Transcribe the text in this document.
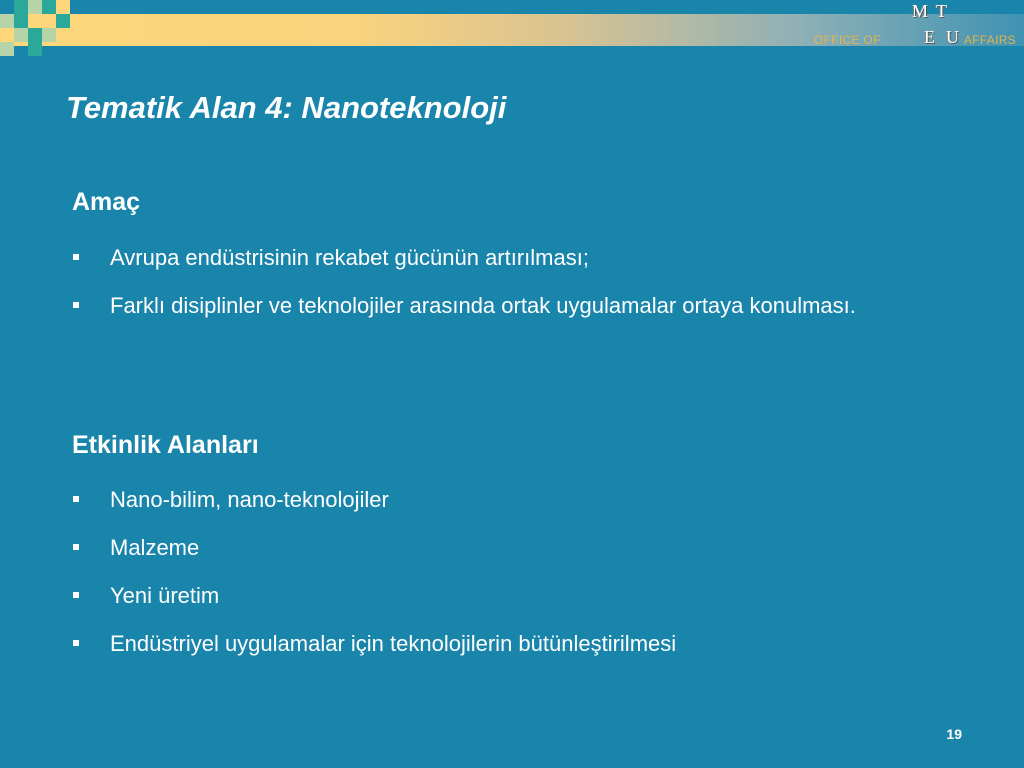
OFFICE OF
M T
E U AFFAIRS
Tematik Alan 4: Nanoteknoloji
Amaç
Avrupa endüstrisinin rekabet gücünün artırılması;
Farklı disiplinler ve teknolojiler arasında ortak uygulamalar ortaya konulması.
Etkinlik Alanları
Nano-bilim, nano-teknolojiler
Malzeme
Yeni üretim
Endüstriyel uygulamalar için teknolojilerin bütünleştirilmesi
19
